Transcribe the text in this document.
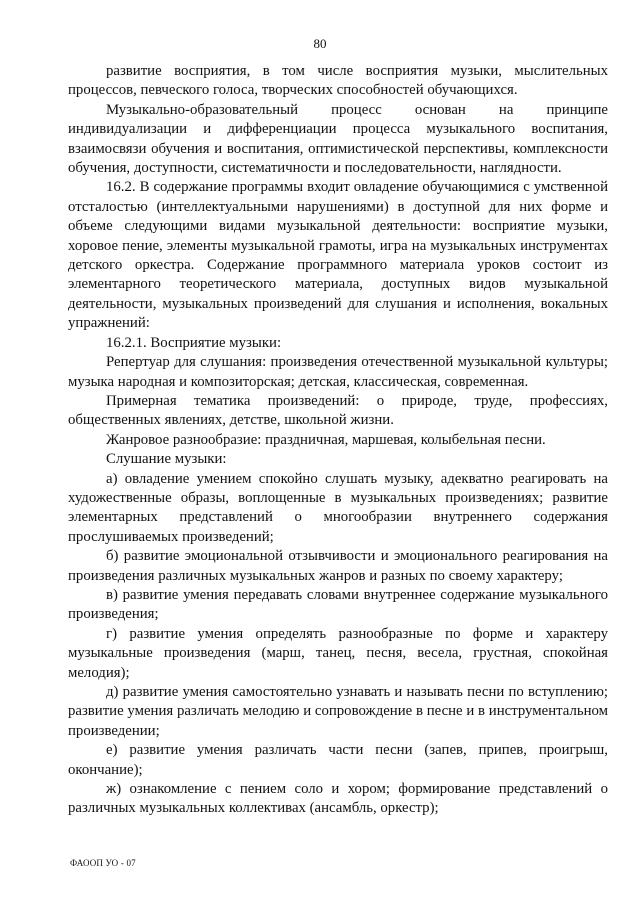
80

развитие восприятия, в том числе восприятия музыки, мыслительных процессов, певческого голоса, творческих способностей обучающихся.

Музыкально-образовательный процесс основан на принципе индивидуализации и дифференциации процесса музыкального воспитания, взаимосвязи обучения и воспитания, оптимистической перспективы, комплексности обучения, доступности, систематичности и последовательности, наглядности.

16.2. В содержание программы входит овладение обучающимися с умственной отсталостью (интеллектуальными нарушениями) в доступной для них форме и объеме следующими видами музыкальной деятельности: восприятие музыки, хоровое пение, элементы музыкальной грамоты, игра на музыкальных инструментах детского оркестра. Содержание программного материала уроков состоит из элементарного теоретического материала, доступных видов музыкальной деятельности, музыкальных произведений для слушания и исполнения, вокальных упражнений:

16.2.1. Восприятие музыки:

Репертуар для слушания: произведения отечественной музыкальной культуры; музыка народная и композиторская; детская, классическая, современная.

Примерная тематика произведений: о природе, труде, профессиях, общественных явлениях, детстве, школьной жизни.

Жанровое разнообразие: праздничная, маршевая, колыбельная песни.

Слушание музыки:

а) овладение умением спокойно слушать музыку, адекватно реагировать на художественные образы, воплощенные в музыкальных произведениях; развитие элементарных представлений о многообразии внутреннего содержания прослушиваемых произведений;

б) развитие эмоциональной отзывчивости и эмоционального реагирования на произведения различных музыкальных жанров и разных по своему характеру;

в) развитие умения передавать словами внутреннее содержание музыкального произведения;

г) развитие умения определять разнообразные по форме и характеру музыкальные произведения (марш, танец, песня, весела, грустная, спокойная мелодия);

д) развитие умения самостоятельно узнавать и называть песни по вступлению; развитие умения различать мелодию и сопровождение в песне и в инструментальном произведении;

е) развитие умения различать части песни (запев, припев, проигрыш, окончание);

ж) ознакомление с пением соло и хором; формирование представлений о различных музыкальных коллективах (ансамбль, оркестр);

ФАООП УО - 07
